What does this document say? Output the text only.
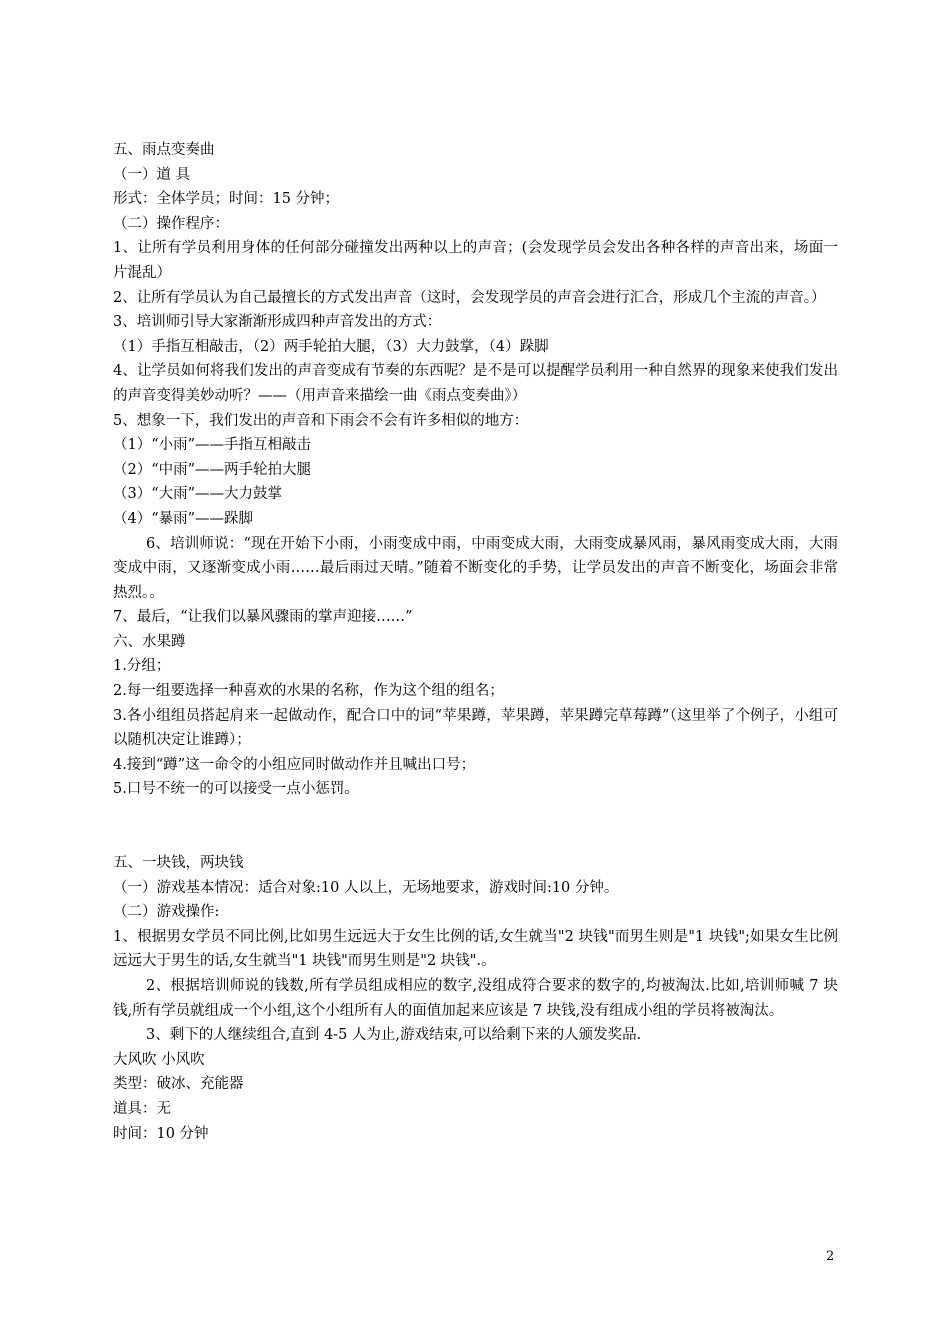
五、雨点变奏曲
（一）道 具
形式：全体学员；时间：15 分钟；
（二）操作程序：
1、让所有学员利用身体的任何部分碰撞发出两种以上的声音；(会发现学员会发出各种各样的声音出来，场面一片混乱）
2、让所有学员认为自己最擅长的方式发出声音（这时，会发现学员的声音会进行汇合，形成几个主流的声音。）
3、培训师引导大家渐渐形成四种声音发出的方式：
（1）手指互相敲击，（2）两手轮拍大腿，（3）大力鼓掌，（4）跺脚
4、让学员如何将我们发出的声音变成有节奏的东西呢？是不是可以提醒学员利用一种自然界的现象来使我们发出的声音变得美妙动听？——（用声音来描绘一曲《雨点变奏曲》）
5、想象一下，我们发出的声音和下雨会不会有许多相似的地方：
（1）“小雨”——手指互相敲击
（2）“中雨”——两手轮拍大腿
（3）“大雨”——大力鼓掌
（4）“暴雨”——跺脚
6、培训师说：“现在开始下小雨，小雨变成中雨，中雨变成大雨，大雨变成暴风雨，暴风雨变成大雨，大雨变成中雨，又逐渐变成小雨……最后雨过天晴。”随着不断变化的手势，让学员发出的声音不断变化，场面会非常热烈。。
7、最后，“让我们以暴风骤雨的掌声迎接……”
六、水果蹲
1.分组；
2.每一组要选择一种喜欢的水果的名称，作为这个组的组名；
3.各小组组员搭起肩来一起做动作，配合口中的词“苹果蹲，苹果蹲，苹果蹲完草莓蹲”（这里举了个例子，小组可以随机决定让谁蹲）；
4.接到“蹲”这一命令的小组应同时做动作并且喊出口号；
5.口号不统一的可以接受一点小惩罚。
五、一块钱，两块钱
（一）游戏基本情况：适合对象:10 人以上，无场地要求，游戏时间:10 分钟。
（二）游戏操作:
1、根据男女学员不同比例,比如男生远远大于女生比例的话,女生就当"2 块钱"而男生则是"1 块钱";如果女生比例远远大于男生的话,女生就当"1 块钱"而男生则是"2 块钱".。
2、根据培训师说的钱数,所有学员组成相应的数字,没组成符合要求的数字的,均被淘汰.比如,培训师喊 7 块钱,所有学员就组成一个小组,这个小组所有人的面值加起来应该是 7 块钱,没有组成小组的学员将被淘汰。
3、剩下的人继续组合,直到 4-5 人为止,游戏结束,可以给剩下来的人颁发奖品.
大风吹 小风吹
类型：破冰、充能器
道具：无
时间：10 分钟
2
